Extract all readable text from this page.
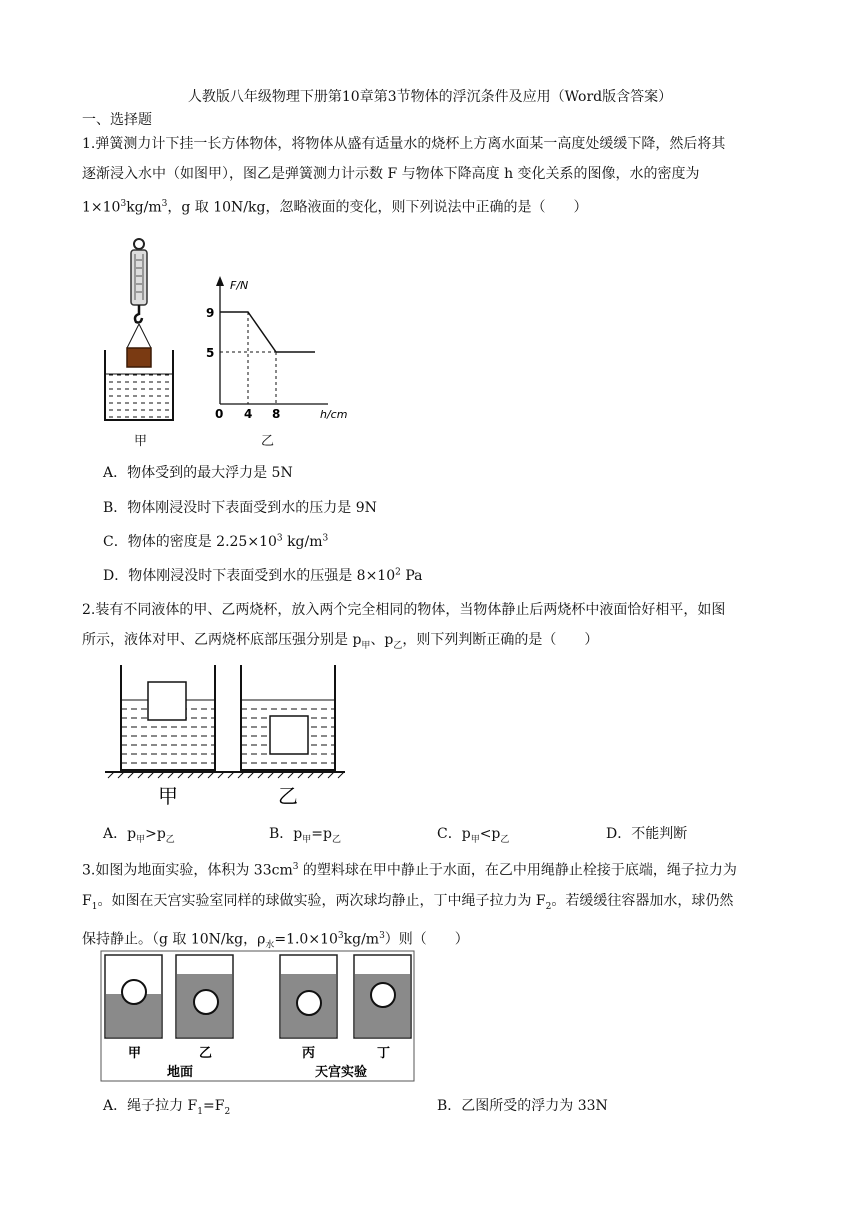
人教版八年级物理下册第10章第3节物体的浮沉条件及应用（Word版含答案）
一、选择题
1.弹簧测力计下挂一长方体物体，将物体从盛有适量水的烧杯上方离水面某一高度处缓缓下降，然后将其
逐渐浸入水中（如图甲），图乙是弹簧测力计示数 F 与物体下降高度 h 变化关系的图像，水的密度为
$1\times 10^3kg/m^3$，g 取 10N/kg，忽略液面的变化，则下列说法中正确的是（　　）
甲
F/N
9
5
0 4 8	h/cm
乙
A．物体受到的最大浮力是 5N
B．物体刚浸没时下表面受到水的压力是 9N
C．物体的密度是 $2.25\times 10^3$ $kg/m^3$
D．物体刚浸没时下表面受到水的压强是 $8\times 10^2$ Pa
2.装有不同液体的甲、乙两烧杯，放入两个完全相同的物体，当物体静止后两烧杯中液面恰好相平，如图
所示，液体对甲、乙两烧杯底部压强分别是 $p_甲$、$p_乙$，则下列判断正确的是（　　）
甲	乙
A．$p_甲>p_乙$	B．$p_甲=p_乙$	C．$p_甲<p_乙$	D．不能判断
3.如图为地面实验，体积为 $33cm^3$ 的塑料球在甲中静止于水面，在乙中用绳静止栓接于底端，绳子拉力为
$F_1$。如图在天宫实验室同样的球做实验，两次球均静止，丁中绳子拉力为 $F_2$。若缓缓往容器加水，球仍然
保持静止。（g 取 10N/kg，$\rho_水=1.0\times 10^3kg/m^3$）则（　　）
甲	乙	丙	丁
地面	天宫实验
A．绳子拉力 $F_1=F_2$	B．乙图所受的浮力为 33N
